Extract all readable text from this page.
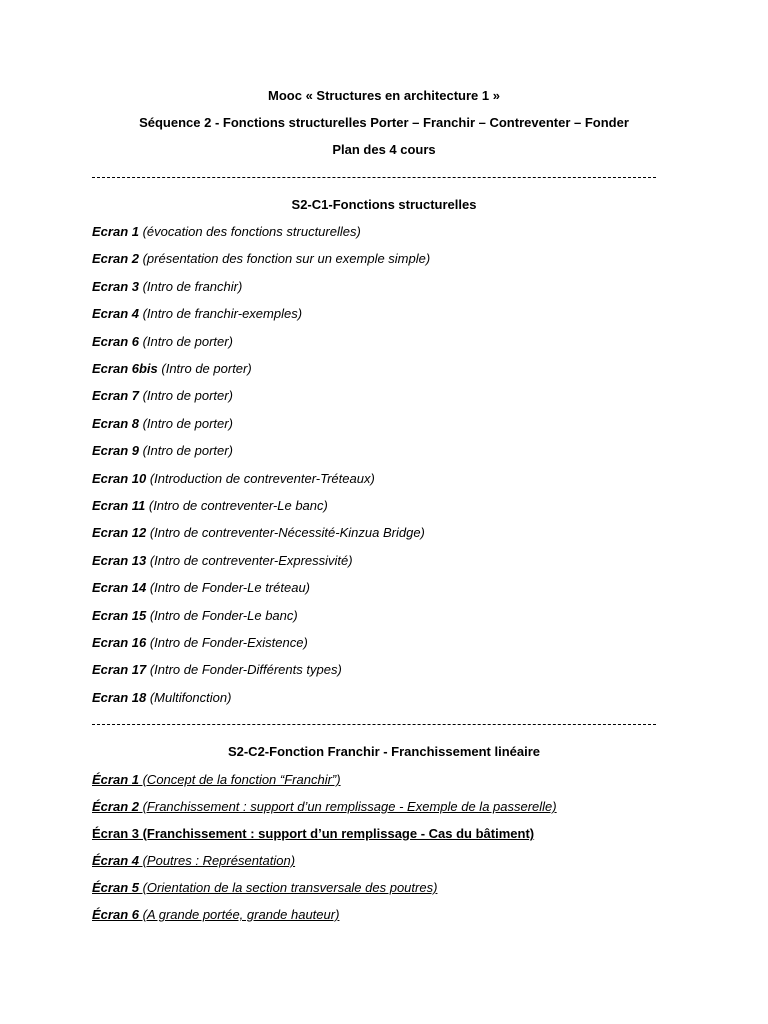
Mooc « Structures en architecture 1 »
Séquence 2 - Fonctions structurelles Porter – Franchir – Contreventer – Fonder
Plan des 4 cours
S2-C1-Fonctions structurelles
Ecran 1 (évocation des fonctions structurelles)
Ecran 2 (présentation des fonction sur un exemple simple)
Ecran 3 (Intro de franchir)
Ecran 4 (Intro de franchir-exemples)
Ecran 6 (Intro de porter)
Ecran 6bis (Intro de porter)
Ecran 7 (Intro de porter)
Ecran 8 (Intro de porter)
Ecran 9 (Intro de porter)
Ecran 10 (Introduction de contreventer-Tréteaux)
Ecran 11 (Intro de contreventer-Le banc)
Ecran 12 (Intro de contreventer-Nécessité-Kinzua Bridge)
Ecran 13 (Intro de contreventer-Expressivité)
Ecran 14 (Intro de Fonder-Le tréteau)
Ecran 15 (Intro de Fonder-Le banc)
Ecran 16 (Intro de Fonder-Existence)
Ecran 17 (Intro de Fonder-Différents types)
Ecran 18 (Multifonction)
S2-C2-Fonction Franchir - Franchissement linéaire
Écran 1 (Concept de la fonction “Franchir”)
Écran 2 (Franchissement : support d’un remplissage - Exemple de la passerelle)
Écran 3 (Franchissement : support d’un remplissage - Cas du bâtiment)
Écran 4 (Poutres : Représentation)
Écran 5 (Orientation de la section transversale des poutres)
Écran 6 (A grande portée, grande hauteur)
